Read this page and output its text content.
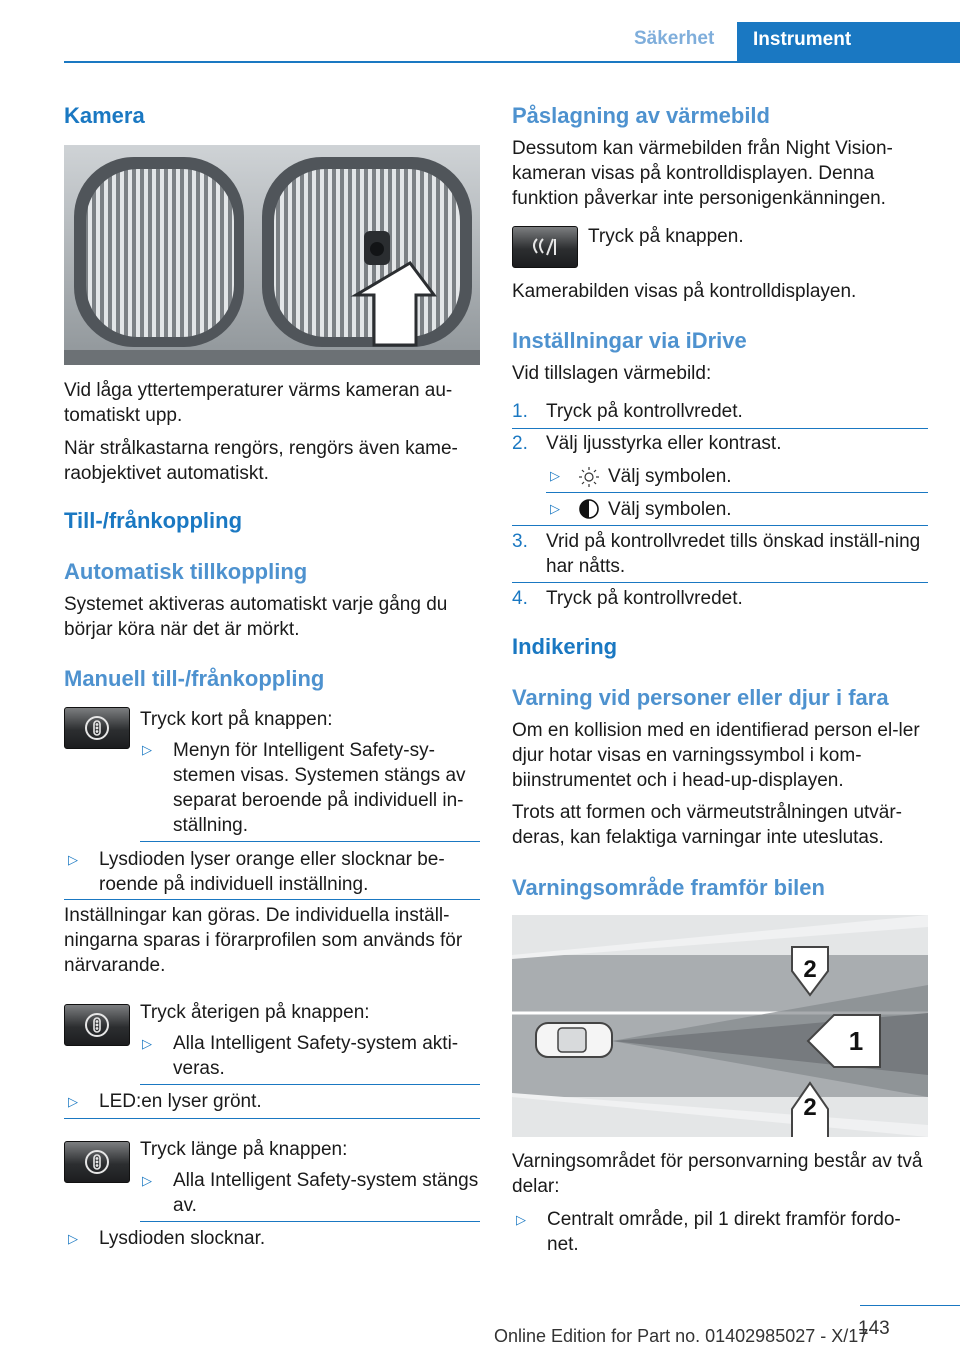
Säkerhet Instrument
Kamera
Vid låga yttertemperaturer värms kameran au-tomatiskt upp.
När strålkastarna rengörs, rengörs även kame-raobjektivet automatiskt.
Till-/frånkoppling
Automatisk tillkoppling
Systemet aktiveras automatiskt varje gång du börjar köra när det är mörkt.
Manuell till-/frånkoppling
Tryck kort på knappen:
▷ Menyn för Intelligent Safety-sy-stemen visas. Systemen stängs av separat beroende på individuell in-ställning.
▷ Lysdioden lyser orange eller slocknar be-roende på individuell inställning.
Inställningar kan göras. De individuella inställ-ningarna sparas i förarprofilen som används för närvarande.
Tryck återigen på knappen:
▷ Alla Intelligent Safety-system akti-veras.
▷ LED:en lyser grönt.
Tryck länge på knappen:
▷ Alla Intelligent Safety-system stängs av.
▷ Lysdioden slocknar.
Påslagning av värmebild
Dessutom kan värmebilden från Night Vision-kameran visas på kontrolldisplayen. Denna funktion påverkar inte personigenkänningen.
Tryck på knappen.
Kamerabilden visas på kontrolldisplayen.
Inställningar via iDrive
Vid tillslagen värmebild:
1. Tryck på kontrollvredet.
2. Välj ljusstyrka eller kontrast.
▷	Välj symbolen.
▷	Välj symbolen.
3. Vrid på kontrollvredet tills önskad inställ-ning har nåtts.
4. Tryck på kontrollvredet.
Indikering
Varning vid personer eller djur i fara
Om en kollision med en identifierad person el-ler djur hotar visas en varningssymbol i kom-biinstrumentet och i head-up-displayen.
Trots att formen och värmeutstrålningen utvär-deras, kan felaktiga varningar inte uteslutas.
Varningsområde framför bilen
2
1
2
Varningsområdet för personvarning består av två delar:
▷ Centralt område, pil 1 direkt framför fordo-net.
143
Online Edition for Part no. 01402985027 - X/17
